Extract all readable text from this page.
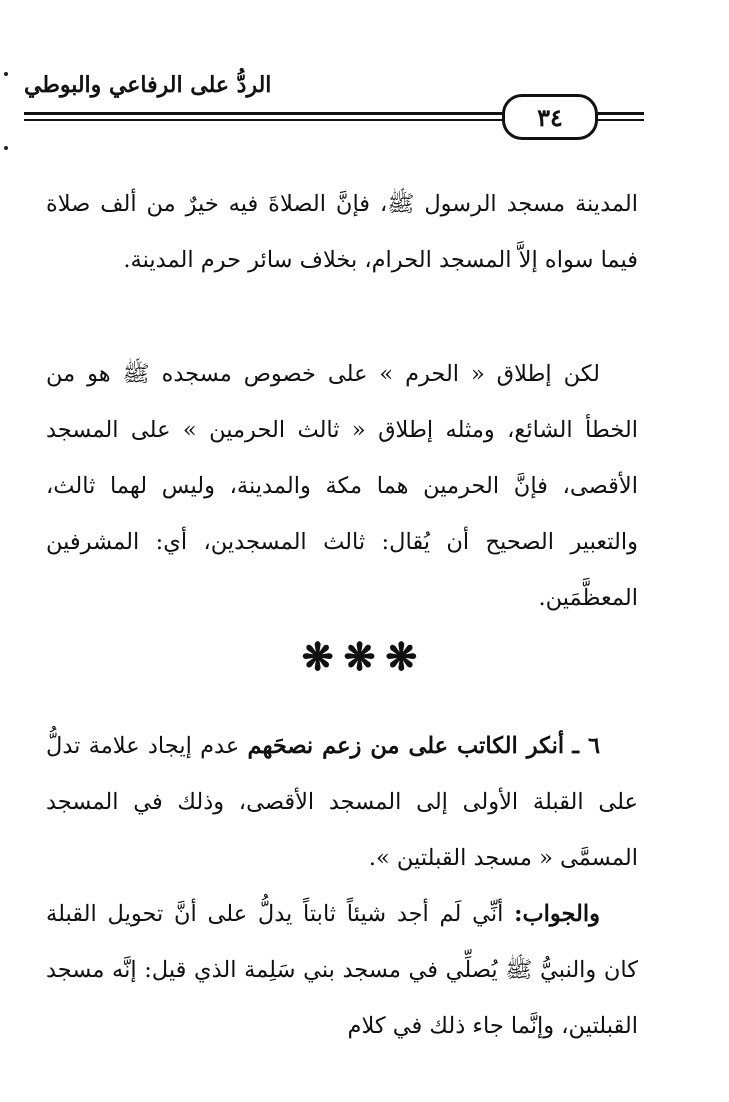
الردُّ على الرفاعي والبوطي
٣٤

المدينة مسجد الرسول ﷺ، فإنَّ الصلاةَ فيه خيرٌ من ألف صلاة فيما سواه إلاَّ المسجد الحرام، بخلاف سائر حرم المدينة.

لكن إطلاق « الحرم » على خصوص مسجده ﷺ هو من الخطأ الشائع، ومثله إطلاق « ثالث الحرمين » على المسجد الأقصى، فإنَّ الحرمين هما مكة والمدينة، وليس لهما ثالث، والتعبير الصحيح أن يُقال: ثالث المسجدين، أي: المشرفين المعظَّمَين.

❋❋❋

٦ ـ أنكر الكاتب على من زعم نصحَهم عدم إيجاد علامة تدلُّ على القبلة الأولى إلى المسجد الأقصى، وذلك في المسجد المسمَّى « مسجد القبلتين ».

والجواب: أنِّي لَم أجد شيئاً ثابتاً يدلُّ على أنَّ تحويل القبلة كان والنبيُّ ﷺ يُصلِّي في مسجد بني سَلِمة الذي قيل: إنَّه مسجد القبلتين، وإنَّما جاء ذلك في كلام
